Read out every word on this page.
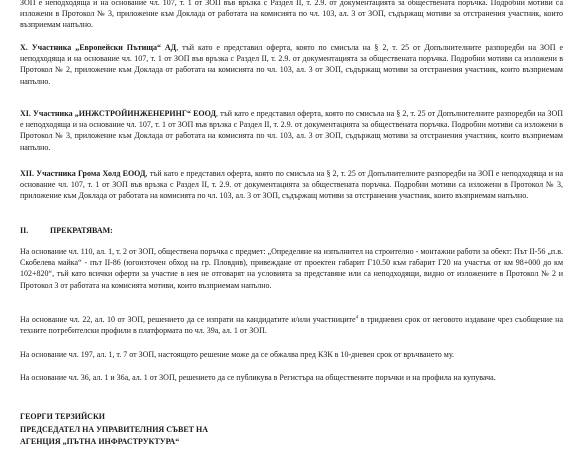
ЗОП е неподходяща и на основание чл. 107, т. 1 от ЗОП във връзка с Раздел II, т. 2.9. от документацията за обществената поръчка. Подробни мотиви са изложени в Протокол № 3, приложение към Доклада от работата на комисията по чл. 103, ал. 3 от ЗОП, съдържащ мотиви за отстранения участник, които възприемам напълно.

X. Участника „Европейски Пътища“ АД, тъй като е представил оферта, която по смисъла на § 2, т. 25 от Допълнителните разпоредби на ЗОП е неподходяща и на основание чл. 107, т. 1 от ЗОП във връзка с Раздел II, т. 2.9. от документацията за обществената поръчка. Подробни мотиви са изложени в Протокол № 2, приложение към Доклада от работата на комисията по чл. 103, ал. 3 от ЗОП, съдържащ мотиви за отстранения участник, които възприемам напълно.

XI. Участника „ИНЖСТРОЙИНЖЕНЕРИНГ“ ЕООД, тъй като е представил оферта, която по смисъла на § 2, т. 25 от Допълнителните разпоредби на ЗОП е неподходяща и на основание чл. 107, т. 1 от ЗОП във връзка с Раздел II, т. 2.9. от документацията за обществената поръчка. Подробни мотиви са изложени в Протокол № 3, приложение към Доклада от работата на комисията по чл. 103, ал. 3 от ЗОП, съдържащ мотиви за отстранения участник, които възприемам напълно.

XII. Участника Грома Холд ЕООД, тъй като е представил оферта, която по смисъла на § 2, т. 25 от Допълнителните разпоредби на ЗОП е неподходяща и на основание чл. 107, т. 1 от ЗОП във връзка с Раздел II, т. 2.9. от документацията за обществената поръчка. Подробни мотиви са изложени в Протокол № 3, приложение към Доклада от работата на комисията по чл. 103, ал. 3 от ЗОП, съдържащ мотиви за отстранения участник, които възприемам напълно.

II.	ПРЕКРАТЯВАМ:

На основание чл. 110, ал. 1, т. 2 от ЗОП, обществена поръчка с предмет: „Определяне на изпълнител на строително - монтажни работи за обект: Път II-56 „п.в. Скобелева майка“ - път II-86 (югоизточен обход на гр. Пловдив), привеждане от проектен габарит Г10.50 към габарит Г20 на участък от км 98+000 до км 102+820“, тъй като всички оферти за участие в нея не отговарят на условията за представяне или са неподходящи, видно от изложените в Протокол № 2 и Протокол 3 от работата на комисията мотиви, които възприемам напълно.

На основание чл. 22, ал. 10 от ЗОП, решението да се изпрати на кандидатите и/или участниците$^4$ в тридневен срок от неговото издаване чрез съобщение на техните потребителски профили в платформата по чл. 39а, ал. 1 от ЗОП.

На основание чл. 197, ал. 1, т. 7 от ЗОП, настоящото решение може да се обжалва пред КЗК в 10-дневен срок от връчването му.

На основание чл. 36, ал. 1 и 36а, ал. 1 от ЗОП, решението да се публикува в Регистъра на обществените поръчки и на профила на купувача.

ГЕОРГИ ТЕРЗИЙСКИ
ПРЕДСЕДАТЕЛ НА УПРАВИТЕЛНИЯ СЪВЕТ НА
АГЕНЦИЯ „ПЪТНА ИНФРАСТРУКТУРА“
